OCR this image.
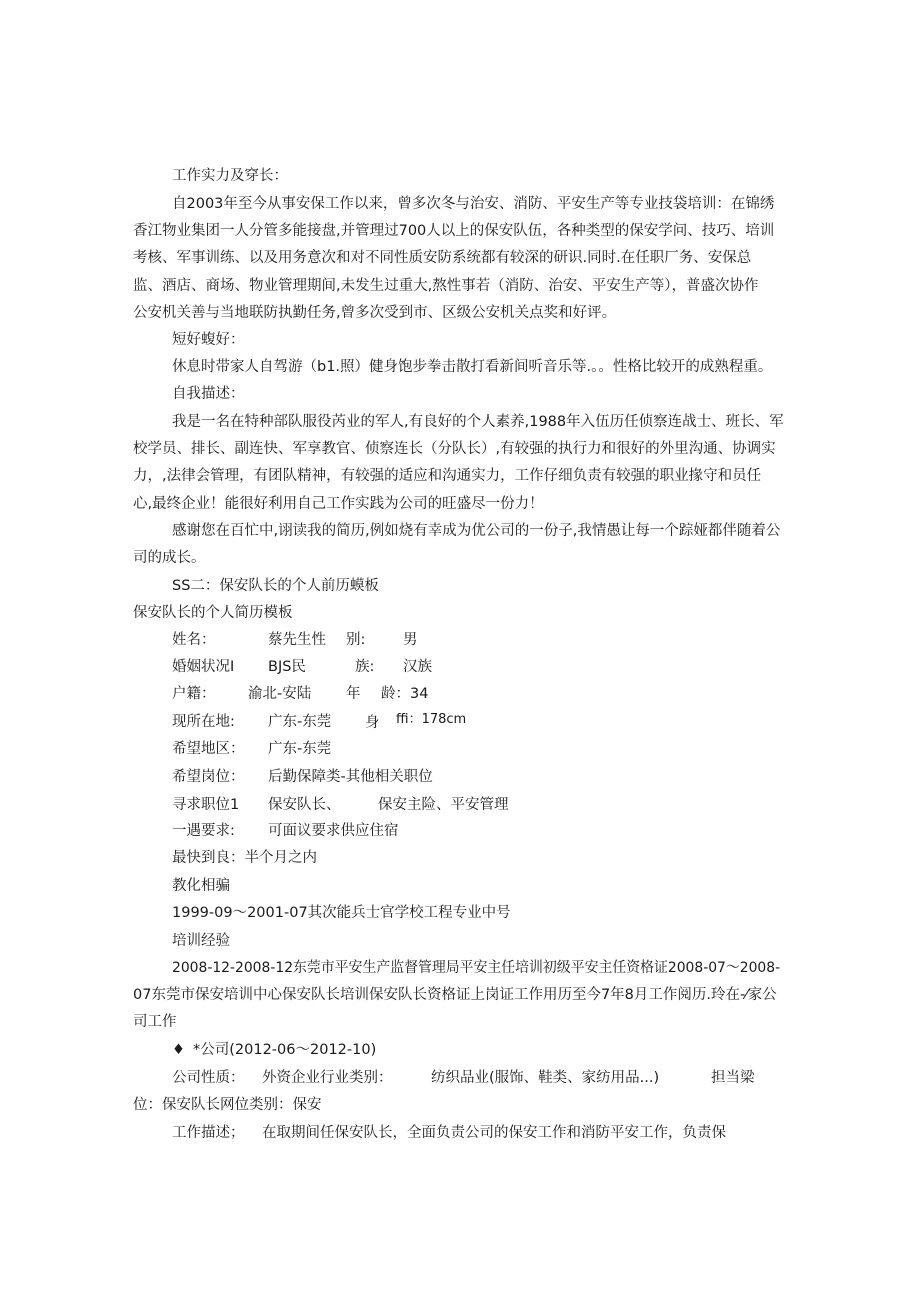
工作实力及穿长：
自2003年至今从事安保工作以来，曾多次冬与治安、消防、平安生产等专业技袋培训：在锦绣
香江物业集团一人分管多能接盘,并管理过700人以上的保安队伍，各种类型的保安学问、技巧、培训
考核、军事训练、以及用务意次和对不同性质安防系统都有较深的研识.同时.在任职厂务、安保总
监、酒店、商场、物业管理期间,未发生过重大,熬性事若（消防、治安、平安生产等），普盛次协作
公安机关善与当地联防执勤任务,曾多次受到市、区级公安机关点奖和好评。
短好蝮好：
休息时带家人自驾游（b1.照）健身饱步拳击散打看新间听音乐等.。。性格比较开的成熟程重。
自我描述：
我是一名在特种部队服役芮业的军人,有良好的个人素养,1988年入伍历任侦察连战士、班长、军
校学员、排长、副连快、军享教官、侦察连长（分队长）,有较强的执行力和很好的外里沟通、协调实
力，,法律会管理，有团队精神，有较强的适应和沟通实力，工作仔细负责有较强的职业掾守和员任
心,最终企业！能很好利用自己工作实践为公司的旺盛尽一份力！
感谢您在百忙中,诩读我的简历,例如烧有幸成为优公司的一份子,我情愚让每一个踪娅都伴随着公
司的成长。
SS二：保安队长的个人前历蟆板
保安队长的个人简历模板
姓名：	蔡先生性 别:	男
婚姻状况I BJS民	族: 汉族
户籍： 渝北-安陆 年 龄：34
现所在地: 广东-东莞 身 ffi：178cm
希望地区： 广东-东莞
希望岗位： 后勤保障类-其他相关职位
寻求职位1 保安队长、	保安主险、平安管理
一遇要求: 可面议要求供应住宿
最快到良：半个月之内
教化相骗
1999-09〜2001-07其次能兵士官学校工程专业中号
培训经验
2008-12-2008-12东莞市平安生产监督管理局平安主任培训初级平安主任资格证2008-07〜2008-
07东莞市保安培训中心保安队长培训保安队长资格证上岗证工作用历至今7年8月工作阅历.玲在-⁄家公
司工作
♦ *公司(2012-06〜2012-10)
公司性质： 外资企业行业类别：	纺织品业(服饰、鞋类、家纺用品...)	担当梁
位：保安队长网位类别：保安
工作描述； 在取期间任保安队长，全面负责公司的保安工作和消防平安工作，负责保
